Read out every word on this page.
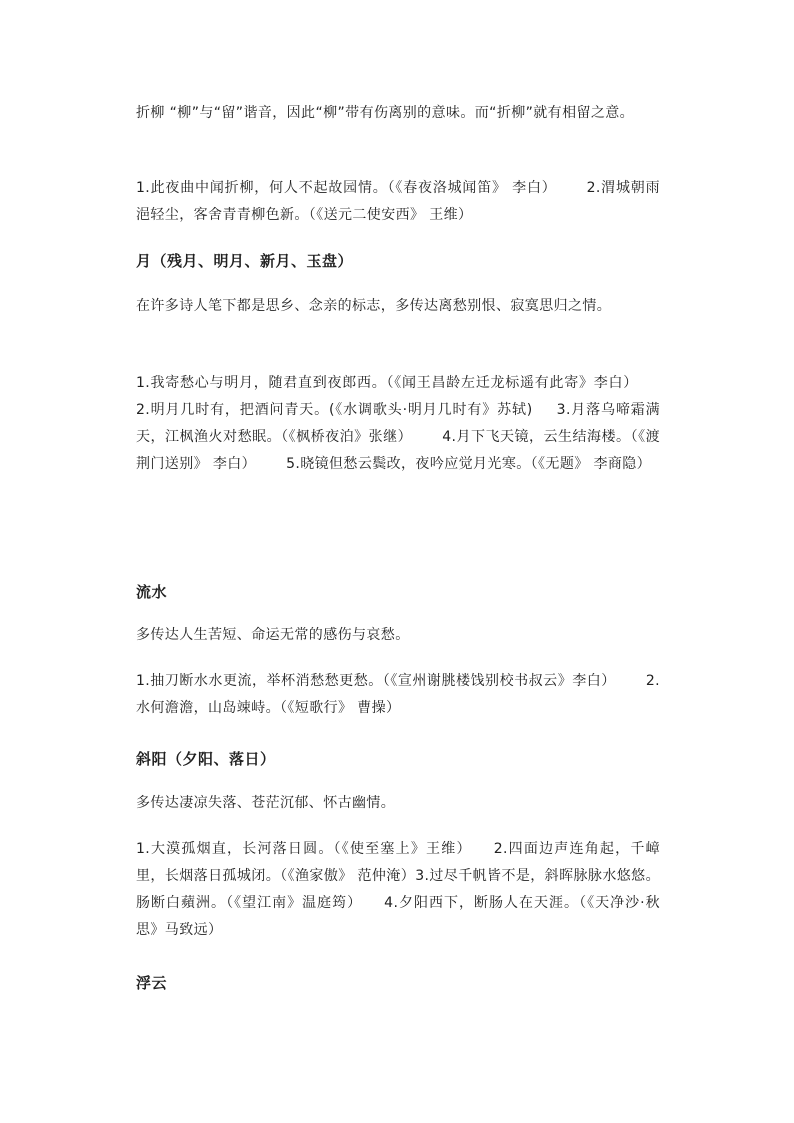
折柳 “柳”与“留”谐音，因此“柳”带有伤离别的意味。而“折柳”就有相留之意。

1.此夜曲中闻折柳，何人不起故园情。（《春夜洛城闻笛》 李白） 2.渭城朝雨浥轻尘，客舍青青柳色新。（《送元二使安西》 王维）

月（残月、明月、新月、玉盘）

在许多诗人笔下都是思乡、念亲的标志，多传达离愁别恨、寂寞思归之情。

1.我寄愁心与明月，随君直到夜郎西。（《闻王昌龄左迁龙标遥有此寄》李白）2.明月几时有，把酒问青天。(《水调歌头·明月几时有》苏轼) 3.月落乌啼霜满天，江枫渔火对愁眠。（《枫桥夜泊》张继） 4.月下飞天镜，云生结海楼。（《渡荆门送别》 李白） 5.晓镜但愁云鬓改，夜吟应觉月光寒。（《无题》 李商隐）

流水

多传达人生苦短、命运无常的感伤与哀愁。

1.抽刀断水水更流，举杯消愁愁更愁。（《宣州谢朓楼饯别校书叔云》李白） 2.水何澹澹，山岛竦峙。（《短歌行》 曹操）

斜阳（夕阳、落日）

多传达凄凉失落、苍茫沉郁、怀古幽情。

1.大漠孤烟直，长河落日圆。（《使至塞上》王维） 2.四面边声连角起，千嶂里，长烟落日孤城闭。（《渔家傲》 范仲淹）3.过尽千帆皆不是，斜晖脉脉水悠悠。肠断白蘋洲。（《望江南》温庭筠） 4.夕阳西下，断肠人在天涯。（《天净沙·秋思》马致远）

浮云
